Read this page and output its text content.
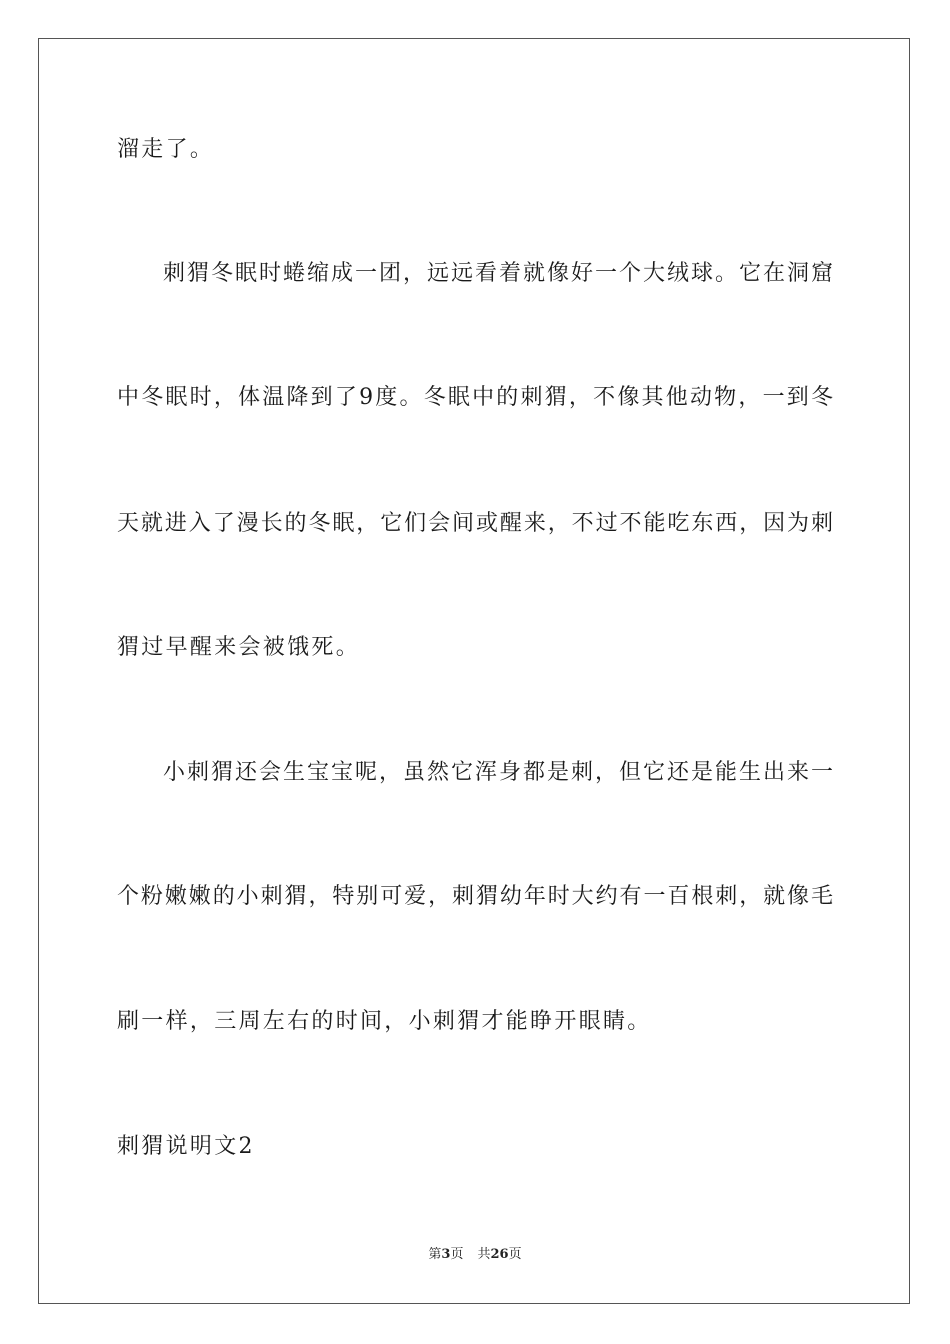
溜走了。
刺猬冬眠时蜷缩成一团，远远看着就像好一个大绒球。它在洞窟
中冬眠时，体温降到了9度。冬眠中的刺猬，不像其他动物，一到冬
天就进入了漫长的冬眠，它们会间或醒来，不过不能吃东西，因为刺
猬过早醒来会被饿死。
小刺猬还会生宝宝呢，虽然它浑身都是刺，但它还是能生出来一
个粉嫩嫩的小刺猬，特别可爱，刺猬幼年时大约有一百根刺，就像毛
刷一样，三周左右的时间，小刺猬才能睁开眼睛。
刺猬说明文2
第3页 共26页
